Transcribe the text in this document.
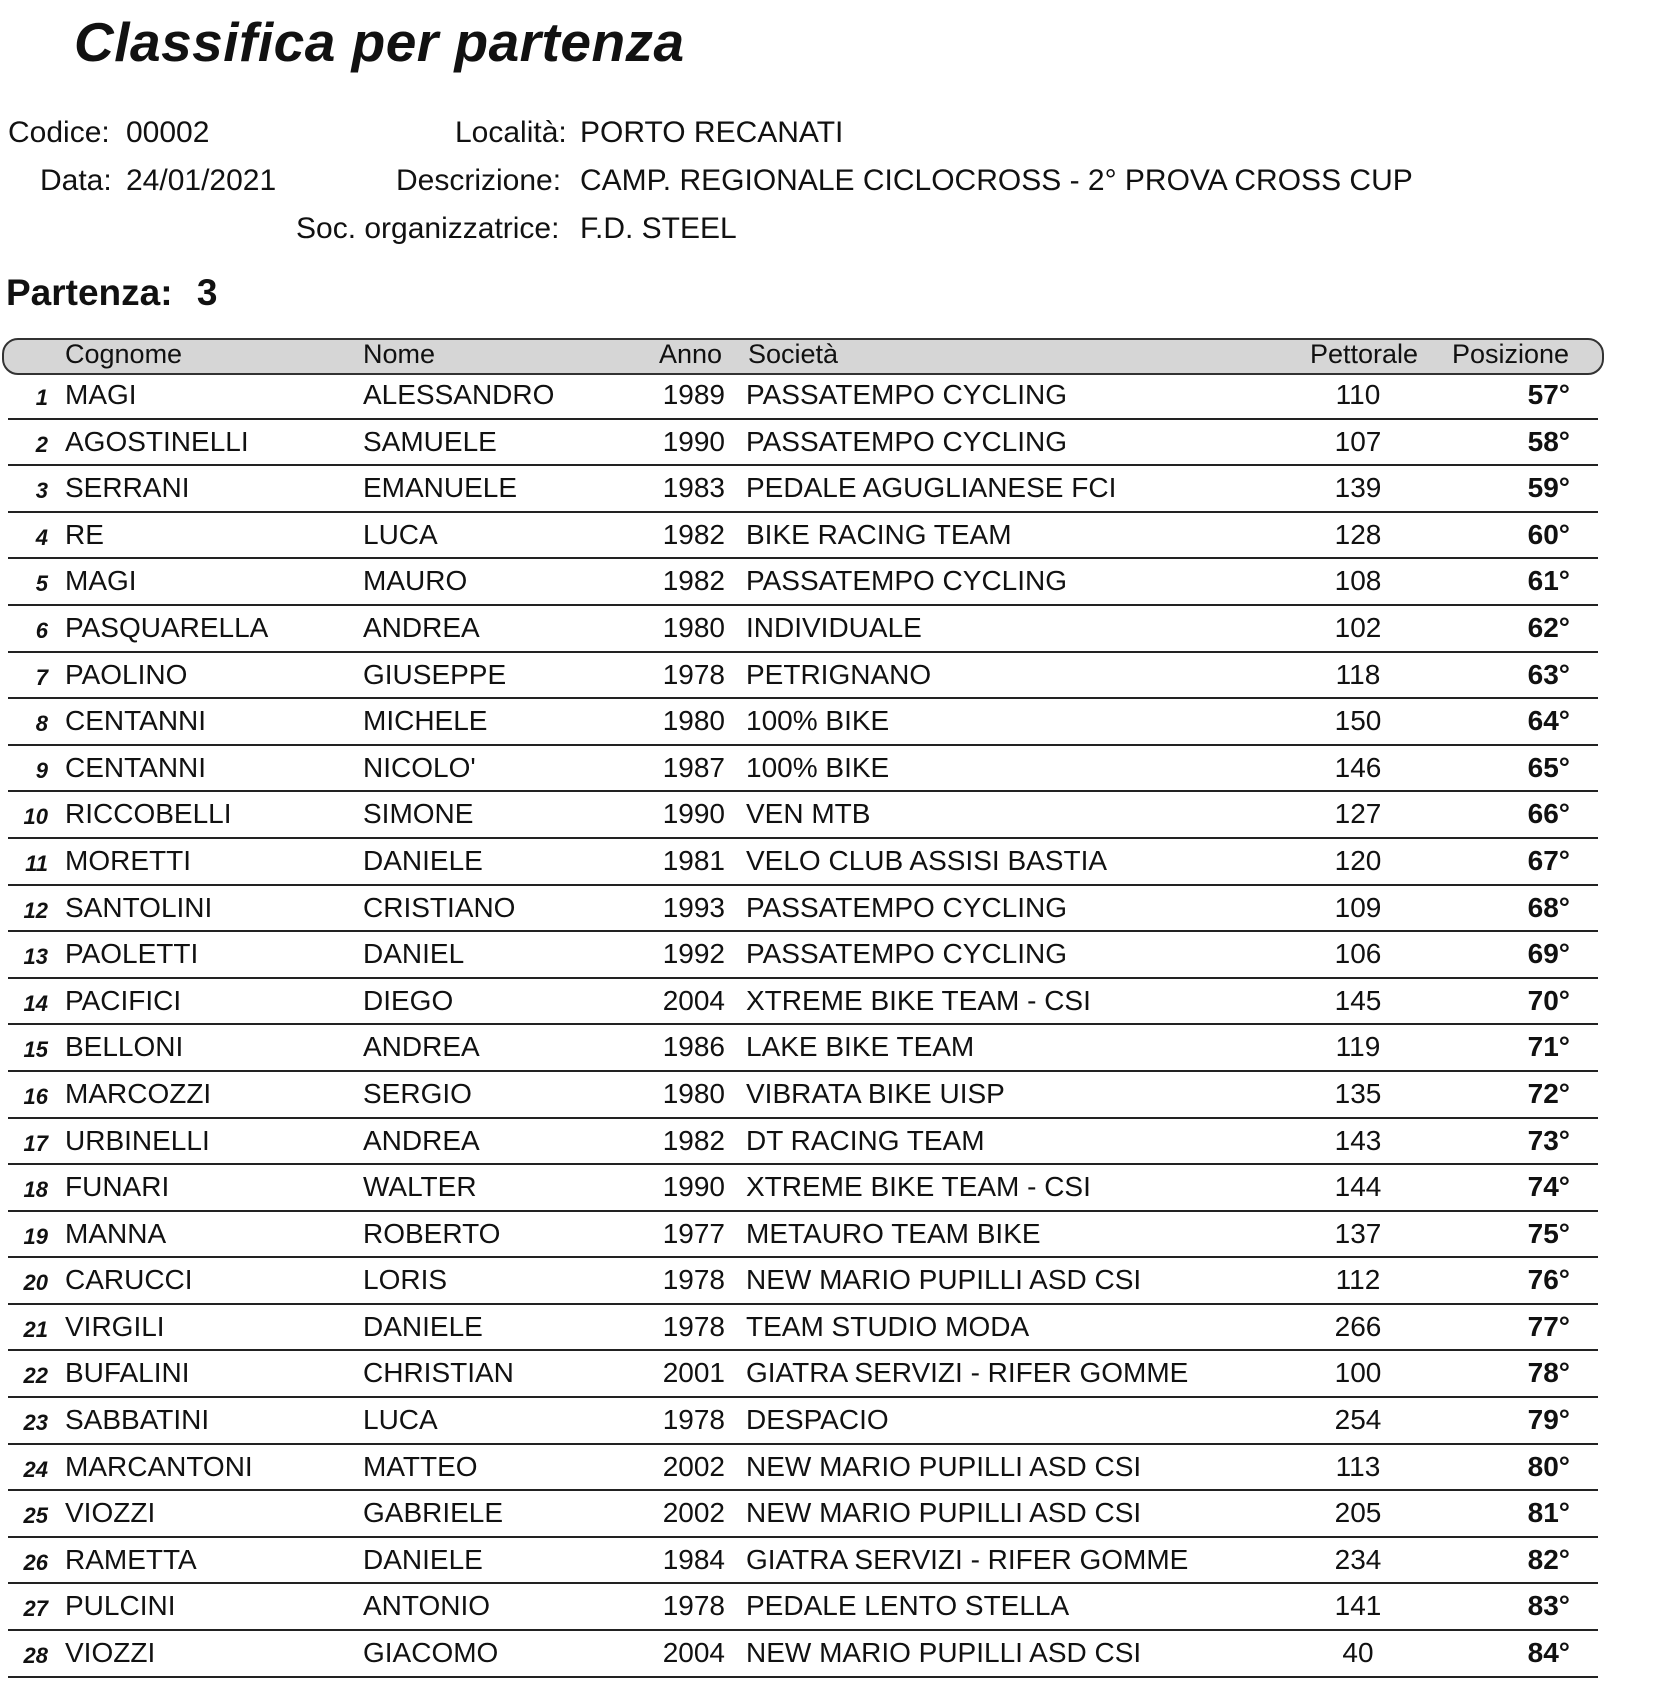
Classifica per partenza
Codice: 00002
Data: 24/01/2021
Località: PORTO RECANATI
Descrizione: CAMP. REGIONALE CICLOCROSS - 2° PROVA CROSS CUP
Soc. organizzatrice: F.D. STEEL
Partenza: 3
Cognome	Nome	Anno Società	Pettorale Posizione
1 MAGI	ALESSANDRO	1989 PASSATEMPO CYCLING	110	57°
2 AGOSTINELLI	SAMUELE	1990 PASSATEMPO CYCLING	107	58°
3 SERRANI	EMANUELE	1983 PEDALE AGUGLIANESE FCI	139	59°
4 RE	LUCA	1982 BIKE RACING TEAM	128	60°
5 MAGI	MAURO	1982 PASSATEMPO CYCLING	108	61°
6 PASQUARELLA	ANDREA	1980 INDIVIDUALE	102	62°
7 PAOLINO	GIUSEPPE	1978 PETRIGNANO	118	63°
8 CENTANNI	MICHELE	1980 100% BIKE	150	64°
9 CENTANNI	NICOLO'	1987 100% BIKE	146	65°
10 RICCOBELLI	SIMONE	1990 VEN MTB	127	66°
11 MORETTI	DANIELE	1981 VELO CLUB ASSISI BASTIA	120	67°
12 SANTOLINI	CRISTIANO	1993 PASSATEMPO CYCLING	109	68°
13 PAOLETTI	DANIEL	1992 PASSATEMPO CYCLING	106	69°
14 PACIFICI	DIEGO	2004 XTREME BIKE TEAM - CSI	145	70°
15 BELLONI	ANDREA	1986 LAKE BIKE TEAM	119	71°
16 MARCOZZI	SERGIO	1980 VIBRATA BIKE UISP	135	72°
17 URBINELLI	ANDREA	1982 DT RACING TEAM	143	73°
18 FUNARI	WALTER	1990 XTREME BIKE TEAM - CSI	144	74°
19 MANNA	ROBERTO	1977 METAURO TEAM BIKE	137	75°
20 CARUCCI	LORIS	1978 NEW MARIO PUPILLI ASD CSI	112	76°
21 VIRGILI	DANIELE	1978 TEAM STUDIO MODA	266	77°
22 BUFALINI	CHRISTIAN	2001 GIATRA SERVIZI - RIFER GOMME	100	78°
23 SABBATINI	LUCA	1978 DESPACIO	254	79°
24 MARCANTONI	MATTEO	2002 NEW MARIO PUPILLI ASD CSI	113	80°
25 VIOZZI	GABRIELE	2002 NEW MARIO PUPILLI ASD CSI	205	81°
26 RAMETTA	DANIELE	1984 GIATRA SERVIZI - RIFER GOMME	234	82°
27 PULCINI	ANTONIO	1978 PEDALE LENTO STELLA	141	83°
28 VIOZZI	GIACOMO	2004 NEW MARIO PUPILLI ASD CSI	40	84°
